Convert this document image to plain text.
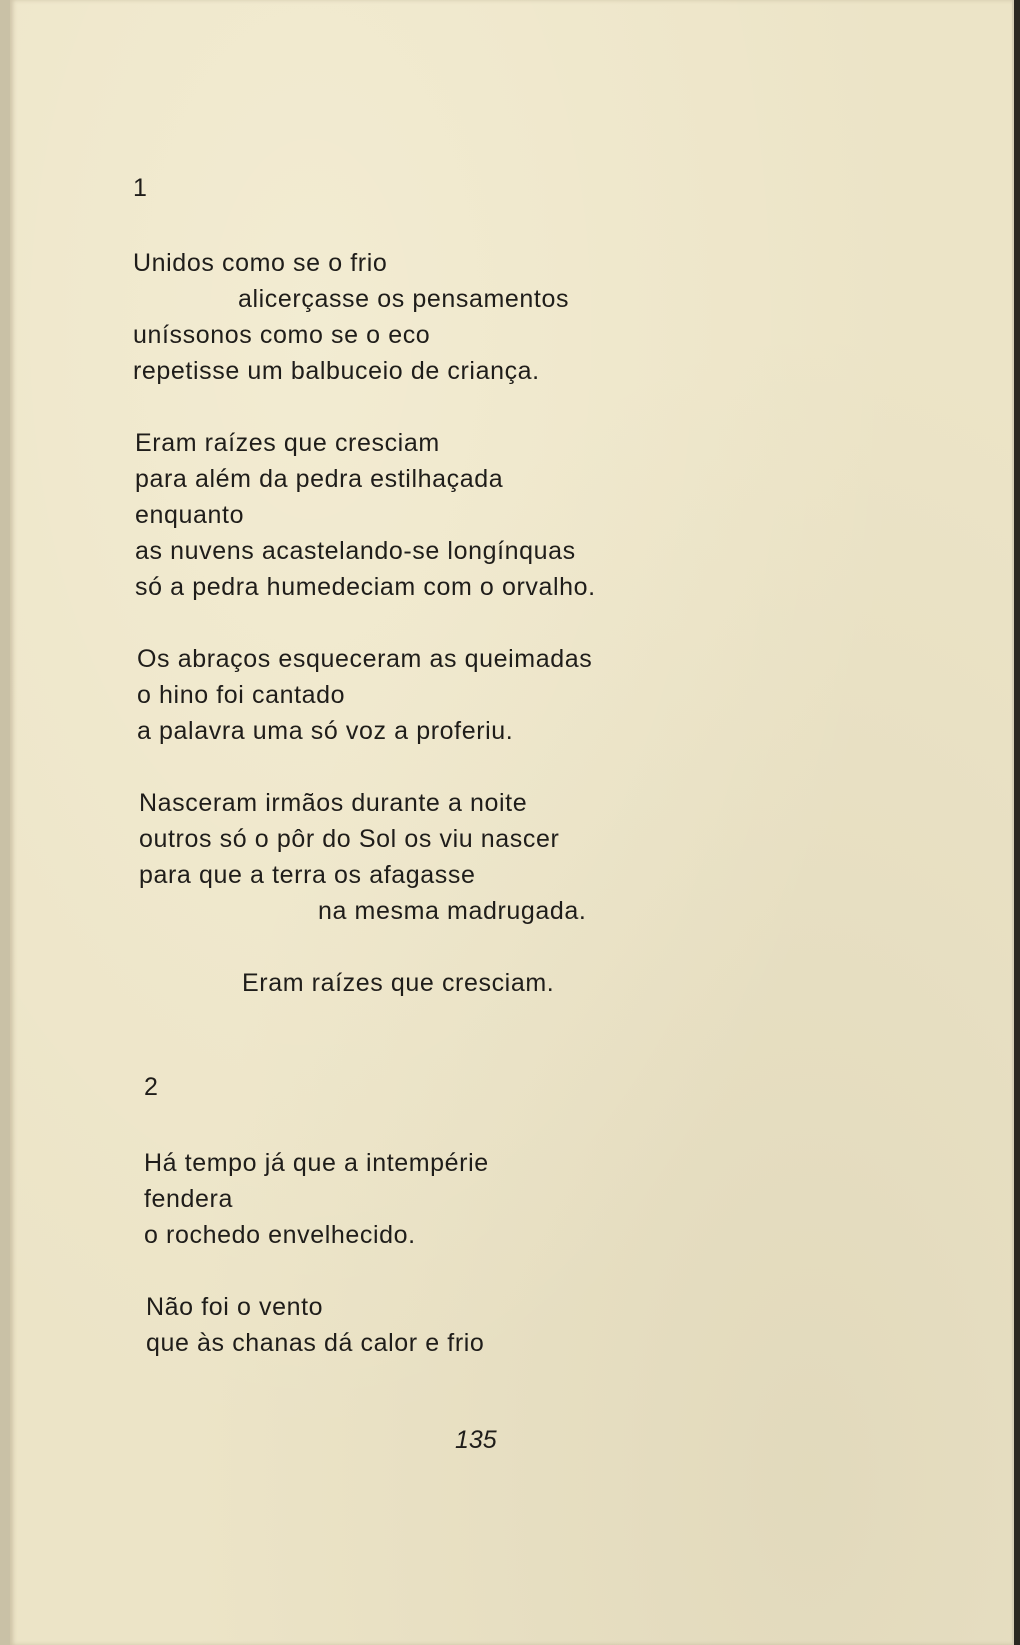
1
Unidos como se o frio
alicerçasse os pensamentos
uníssonos como se o eco
repetisse um balbuceio de criança.
Eram raízes que cresciam
para além da pedra estilhaçada
enquanto
as nuvens acastelando-se longínquas
só a pedra humedeciam com o orvalho.
Os abraços esqueceram as queimadas
o hino foi cantado
a palavra uma só voz a proferiu.
Nasceram irmãos durante a noite
outros só o pôr do Sol os viu nascer
para que a terra os afagasse
na mesma madrugada.
Eram raízes que cresciam.
2
Há tempo já que a intempérie
fendera
o rochedo envelhecido.
Não foi o vento
que às chanas dá calor e frio
135
